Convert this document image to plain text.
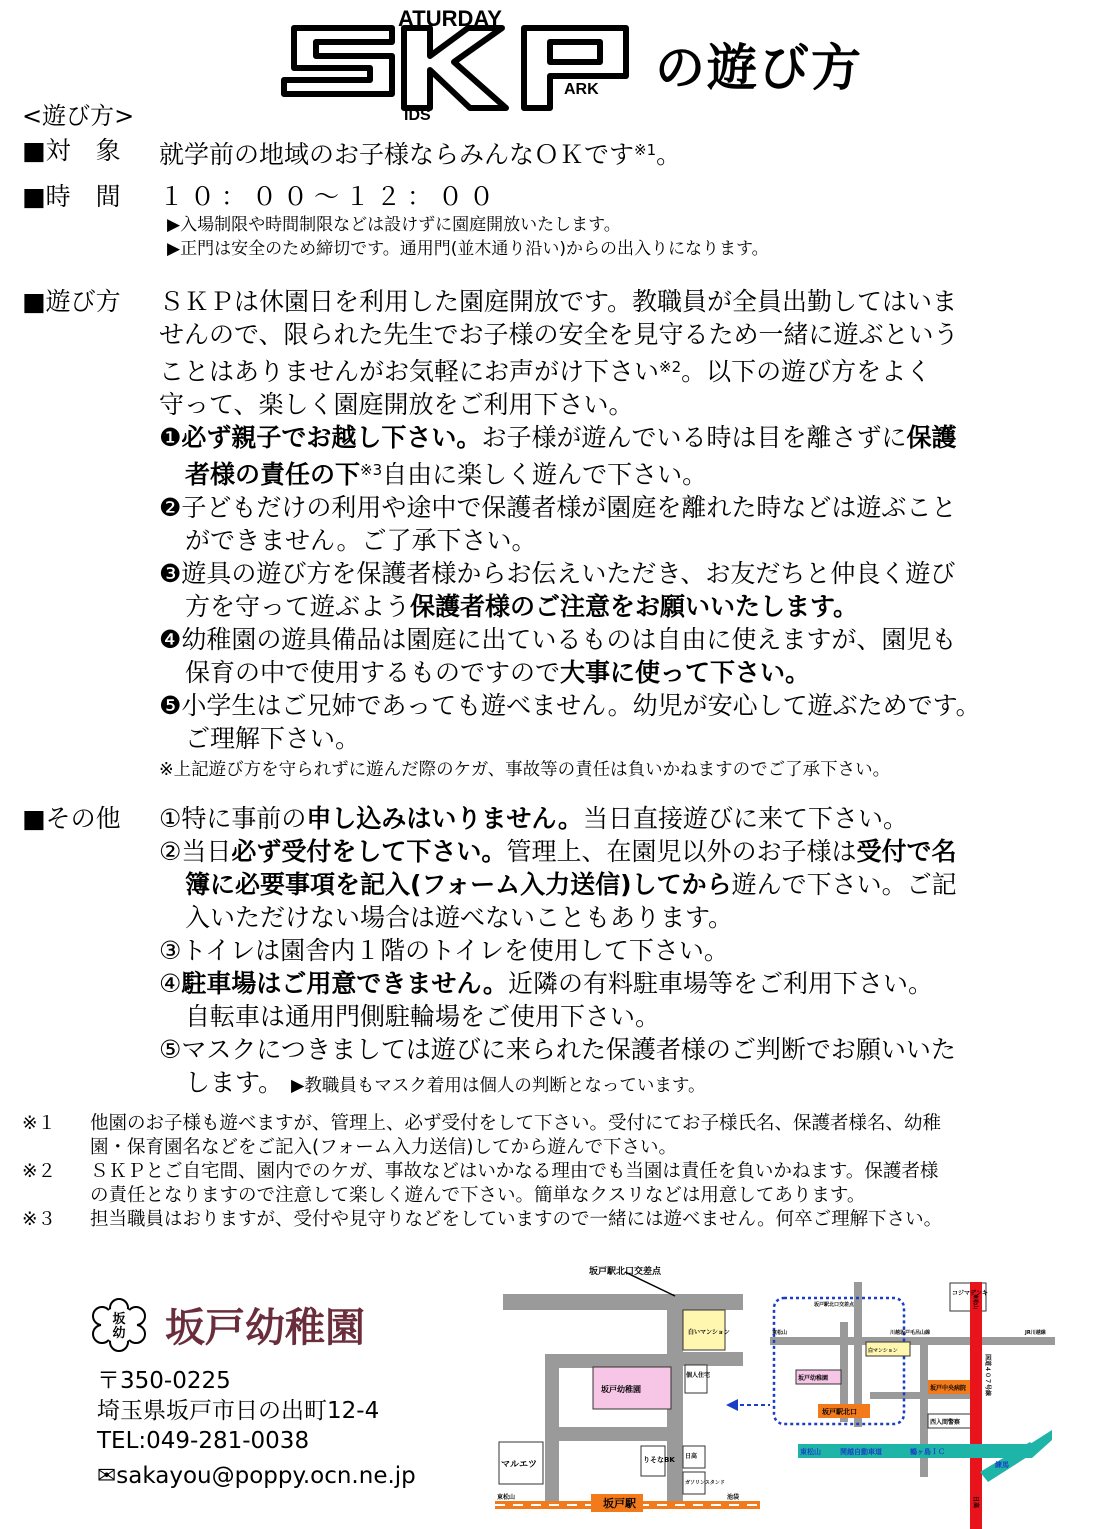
ATURDAY
IDS
ARK の遊び方
<遊び方>
■対　象	就学前の地域のお子様ならみんなＯＫです$^{※1}$。
■時　間	１０：００～１２：００
▶入場制限や時間制限などは設けずに園庭開放いたします。
▶正門は安全のため締切です。通用門(並木通り沿い)からの出入りになります。
■遊び方	ＳＫＰは休園日を利用した園庭開放です。教職員が全員出勤してはいま
せんので、限られた先生でお子様の安全を見守るため一緒に遊ぶという
ことはありませんがお気軽にお声がけ下さい$^{※2}$。以下の遊び方をよく
守って、楽しく園庭開放をご利用下さい。
❶必ず親子でお越し下さい。お子様が遊んでいる時は目を離さずに保護
者様の責任の下$^{※3}$自由に楽しく遊んで下さい。
❷子どもだけの利用や途中で保護者様が園庭を離れた時などは遊ぶこと
ができません。ご了承下さい。
❸遊具の遊び方を保護者様からお伝えいただき、お友だちと仲良く遊び
方を守って遊ぶよう保護者様のご注意をお願いいたします。
❹幼稚園の遊具備品は園庭に出ているものは自由に使えますが、園児も
保育の中で使用するものですので大事に使って下さい。
❺小学生はご兄姉であっても遊べません。幼児が安心して遊ぶためです。
ご理解下さい。
※上記遊び方を守られずに遊んだ際のケガ、事故等の責任は負いかねますのでご了承下さい。
■その他	①特に事前の申し込みはいりません。当日直接遊びに来て下さい。
②当日必ず受付をして下さい。管理上、在園児以外のお子様は受付で名
簿に必要事項を記入(フォーム入力送信)してから遊んで下さい。ご記
入いただけない場合は遊べないこともあります。
③トイレは園舎内１階のトイレを使用して下さい。
④駐車場はご用意できません。近隣の有料駐車場等をご利用下さい。
自転車は通用門側駐輪場をご使用下さい。
⑤マスクにつきましては遊びに来られた保護者様のご判断でお願いいた
します。 ▶教職員もマスク着用は個人の判断となっています。
※１ 他園のお子様も遊べますが、管理上、必ず受付をして下さい。受付にてお子様氏名、保護者様名、幼稚
園・保育園名などをご記入(フォーム入力送信)してから遊んで下さい。
※２ ＳＫＰとご自宅間、園内でのケガ、事故などはいかなる理由でも当園は責任を負いかねます。保護者様
の責任となりますので注意して楽しく遊んで下さい。簡単なクスリなどは用意してあります。
※３ 担当職員はおりますが、受付や見守りなどをしていますので一緒には遊べません。何卒ご理解下さい。
坂
幼 坂戸幼稚園
〒350-0225
埼玉県坂戸市日の出町12-4
TEL:049-281-0038
✉sakayou@poppy.ocn.ne.jp
坂戸駅北口交差点
白いマンション
坂戸幼稚園
個人住宅
りそなBK
マルエツ
日高
ガソリンスタンド
坂戸駅
東松山	池袋
東松山
コジマデンキ
坂戸駅北口交差点
東松山	川越坂戸毛呂山線	JR川越線
白マンション
坂戸幼稚園
坂戸駅北口
坂戸中央病院
西入間警察
国道４０７号線
東松山	関越自動車道	鶴ヶ島ＩＣ
練馬
日高
